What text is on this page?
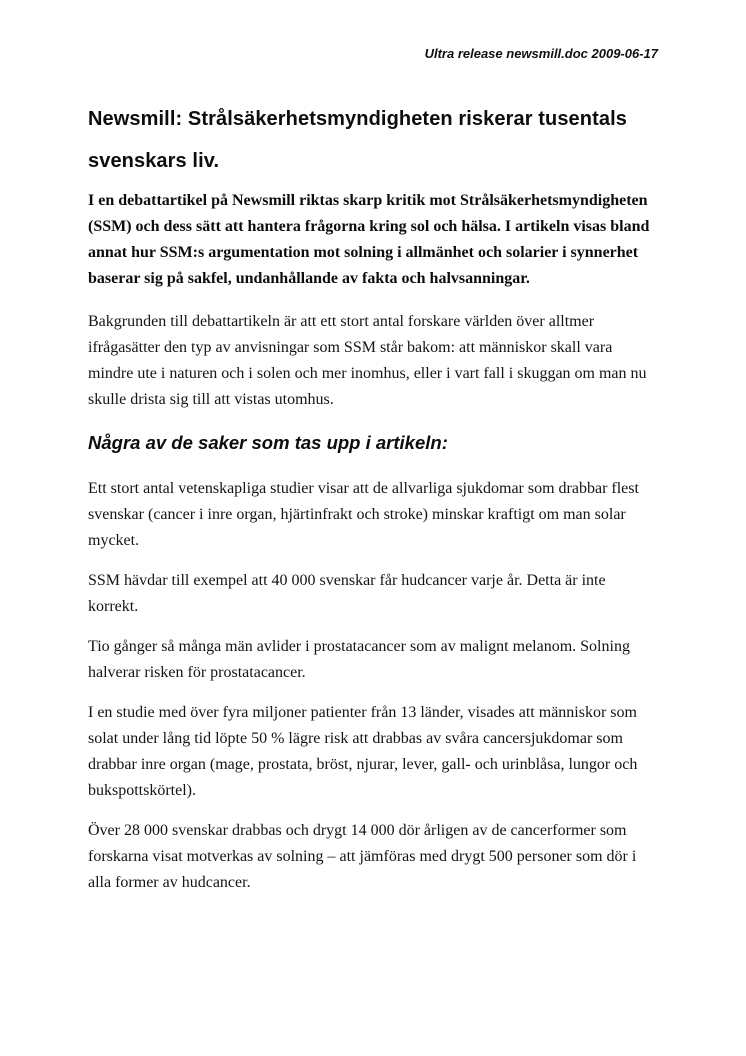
Ultra release newsmill.doc 2009-06-17
Newsmill: Strålsäkerhetsmyndigheten riskerar tusentals svenskars liv.

I en debattartikel på Newsmill riktas skarp kritik mot Strålsäkerhetsmyndigheten (SSM) och dess sätt att hantera frågorna kring sol och hälsa. I artikeln visas bland annat hur SSM:s argumentation mot solning i allmänhet och solarier i synnerhet baserar sig på sakfel, undanhållande av fakta och halvsanningar.

Bakgrunden till debattartikeln är att ett stort antal forskare världen över alltmer ifrågasätter den typ av anvisningar som SSM står bakom: att människor skall vara mindre ute i naturen och i solen och mer inomhus, eller i vart fall i skuggan om man nu skulle drista sig till att vistas utomhus.

Några av de saker som tas upp i artikeln:

Ett stort antal vetenskapliga studier visar att de allvarliga sjukdomar som drabbar flest svenskar (cancer i inre organ, hjärtinfrakt och stroke) minskar kraftigt om man solar mycket.

SSM hävdar till exempel att 40 000 svenskar får hudcancer varje år. Detta är inte korrekt.

Tio gånger så många män avlider i prostatacancer som av malignt melanom. Solning halverar risken för prostatacancer.

I en studie med över fyra miljoner patienter från 13 länder, visades att människor som solat under lång tid löpte 50 % lägre risk att drabbas av svåra cancersjukdomar som drabbar inre organ (mage, prostata, bröst, njurar, lever, gall- och urinblåsa, lungor och bukspottskörtel).

Över 28 000 svenskar drabbas och drygt 14 000 dör årligen av de cancerformer som forskarna visat motverkas av solning – att jämföras med drygt 500 personer som dör i alla former av hudcancer.
